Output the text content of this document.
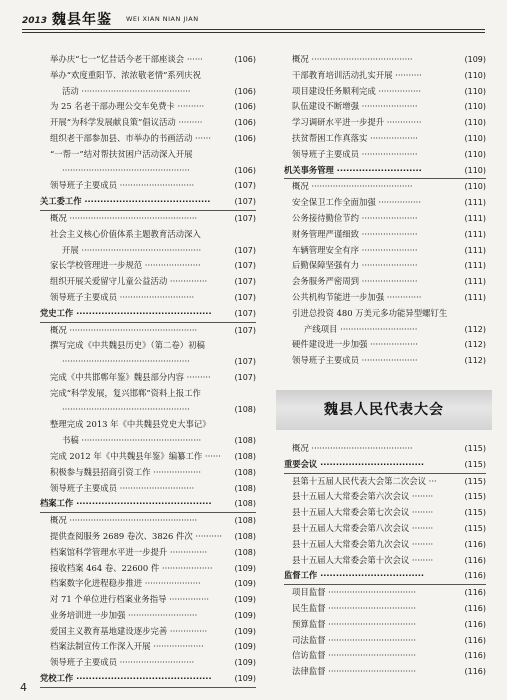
2013 魏县年鉴 WEI XIAN NIAN JIAN
举办庆“七一”忆昔话今老干部座谈会 ······	(106)
举办“欢度重阳节、浓浓敬老情”系列庆祝
活动 ·········································	(106)
为 25 名老干部办理公交车免费卡 ··········	(106)
开展“为科学发展献良策”倡议活动 ·········	(106)
组织老干部参加县、市举办的书画活动 ······	(106)
“一帮一”结对帮扶贫困户活动深入开展
················································	(106)
领导班子主要成员 ····························	(107)
关工委工作 ········································	(107)
概况 ················································	(107)
社会主义核心价值体系主题教育活动深入
开展 ·············································	(107)
家长学校管理进一步规范 ·····················	(107)
组织开展关爱留守儿童公益活动 ··············	(107)
领导班子主要成员 ····························	(107)
党史工作 ···········································	(107)
概况 ················································	(107)
撰写完成《中共魏县历史》（第二卷）初稿
················································	(107)
完成《中共邯郸年鉴》魏县部分内容 ·········	(107)
完成“科学发展，复兴邯郸”资料上报工作
················································	(108)
整理完成 2013 年《中共魏县党史大事记》
书稿 ·············································	(108)
完成 2012 年《中共魏县年鉴》编纂工作 ······ (108)
积极参与魏县招商引资工作 ··················	(108)
领导班子主要成员 ····························	(108)
档案工作 ···········································	(108)
概况 ················································	(108)
提供查阅服务 2689 卷次、3826 件次 ·········· (108)
档案馆科学管理水平进一步提升 ··············	(108)
接收档案 464 卷、22600 件 ···················	(109)
档案数字化进程稳步推进 ·····················	(109)
对 71 个单位进行档案业务指导 ···············	(109)
业务培训进一步加强 ··························	(109)
爱国主义教育基地建设逐步完善 ··············	(109)
档案法制宣传工作深入开展 ···················	(109)
领导班子主要成员 ····························	(109)
党校工作 ···········································	(109)
概况 ······································	(109)
干部教育培训活动扎实开展 ··········	(110)
项目建设任务顺利完成 ················	(110)
队伍建设不断增强 ·····················	(110)
学习调研水平进一步提升 ·············	(110)
扶贫帮困工作真落实 ··················	(110)
领导班子主要成员 ·····················	(110)
机关事务管理 ···························	(110)
概况 ······································	(110)
安全保卫工作全面加强 ················	(111)
公务接待勤俭节约 ·····················	(111)
财务管理严谨细致 ·····················	(111)
车辆管理安全有序 ·····················	(111)
后勤保障坚强有力 ·····················	(111)
会务服务严密周到 ·····················	(111)
公共机构节能进一步加强 ·············	(111)
引进总投资 480 万美元多功能异型螺钉生
产线项目 ·····························	(112)
硬件建设进一步加强 ··················	(112)
领导班子主要成员 ·····················	(112)
魏县人民代表大会
概况 ······································	(115)
重要会议 ·································	(115)
县第十五届人民代表大会第二次会议 ···	(115)
县十五届人大常委会第六次会议 ········	(115)
县十五届人大常委会第七次会议 ········	(115)
县十五届人大常委会第八次会议 ········	(115)
县十五届人大常委会第九次会议 ········	(116)
县十五届人大常委会第十次会议 ········	(116)
监督工作 ·································	(116)
项目监督 ·································	(116)
民生监督 ·································	(116)
预算监督 ·································	(116)
司法监督 ·································	(116)
信访监督 ·································	(116)
法律监督 ·································	(116)
4
